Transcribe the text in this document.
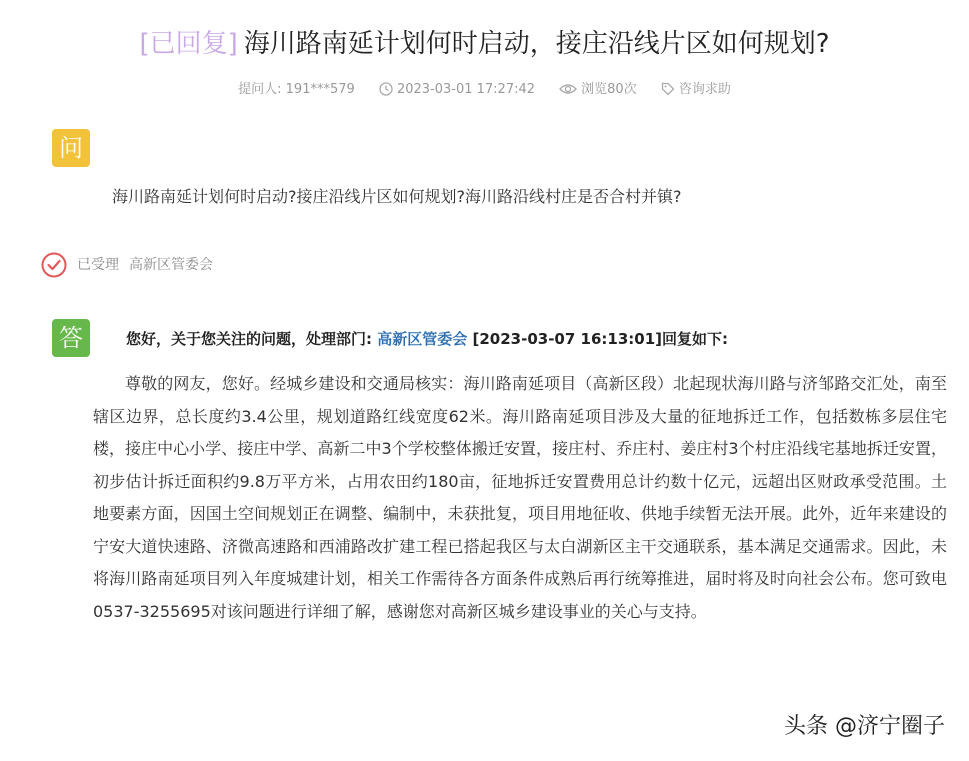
[已回复] 海川路南延计划何时启动，接庄沿线片区如何规划?
提问人: 191***579	2023-03-01 17:27:42	浏览80次	咨询求助
问
海川路南延计划何时启动?接庄沿线片区如何规划?海川路沿线村庄是否合村并镇?
已受理 高新区管委会
答	您好，关于您关注的问题，处理部门: 高新区管委会 [2023-03-07 16:13:01]回复如下:
尊敬的网友，您好。经城乡建设和交通局核实：海川路南延项目（高新区段）北起现状海川路与济邹路交汇处，南至辖区边界，总长度约3.4公里，规划道路红线宽度62米。海川路南延项目涉及大量的征地拆迁工作，包括数栋多层住宅楼，接庄中心小学、接庄中学、高新二中3个学校整体搬迁安置，接庄村、乔庄村、姜庄村3个村庄沿线宅基地拆迁安置，初步估计拆迁面积约9.8万平方米，占用农田约180亩，征地拆迁安置费用总计约数十亿元，远超出区财政承受范围。土地要素方面，因国土空间规划正在调整、编制中，未获批复，项目用地征收、供地手续暂无法开展。此外，近年来建设的宁安大道快速路、济微高速路和西浦路改扩建工程已搭起我区与太白湖新区主干交通联系，基本满足交通需求。因此，未将海川路南延项目列入年度城建计划，相关工作需待各方面条件成熟后再行统筹推进，届时将及时向社会公布。您可致电0537-3255695对该问题进行详细了解，感谢您对高新区城乡建设事业的关心与支持。
头条 @济宁圈子
